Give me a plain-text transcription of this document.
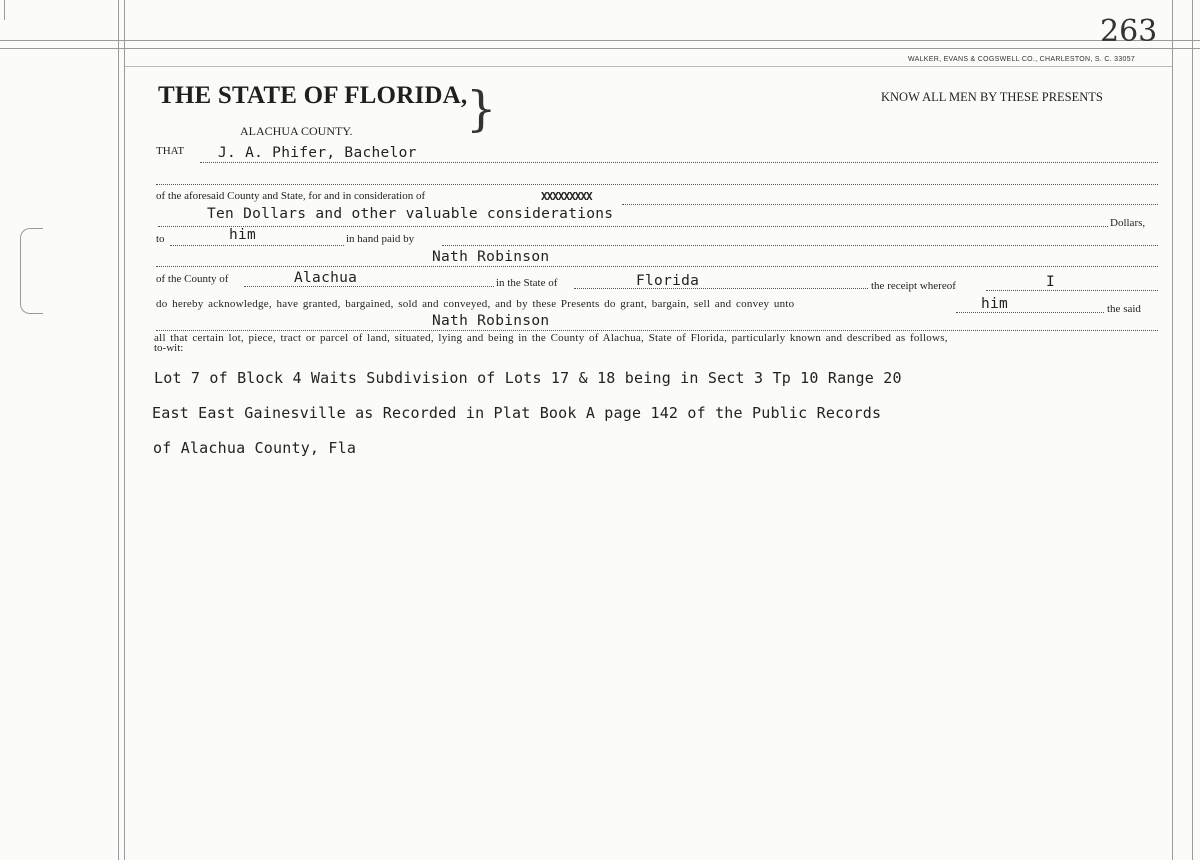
263
WALKER, EVANS & COGSWELL CO., CHARLESTON, S. C. 33057
THE STATE OF FLORIDA,
}
ALACHUA COUNTY.
KNOW ALL MEN BY THESE PRESENTS
THAT J. A. Phifer, Bachelor
of the aforesaid County and State, for and in consideration of	XXXXXXXXX
Ten Dollars and other valuable considerations
Dollars,
to	him	in hand paid by
Nath Robinson
of the County of	Alachua	in the State of	Florida	the receipt whereof	I
do hereby acknowledge, have granted, bargained, sold and conveyed, and by these Presents do grant, bargain, sell and convey unto	him	the said
Nath Robinson
all that certain lot, piece, tract or parcel of land, situated, lying and being in the County of Alachua, State of Florida, particularly known and described as follows,
to-wit:
Lot 7 of Block 4 Waits Subdivision of Lots 17 & 18 being in Sect 3 Tp 10 Range 20
East East Gainesville as Recorded in Plat Book A page 142 of the Public Records
of Alachua County, Fla
